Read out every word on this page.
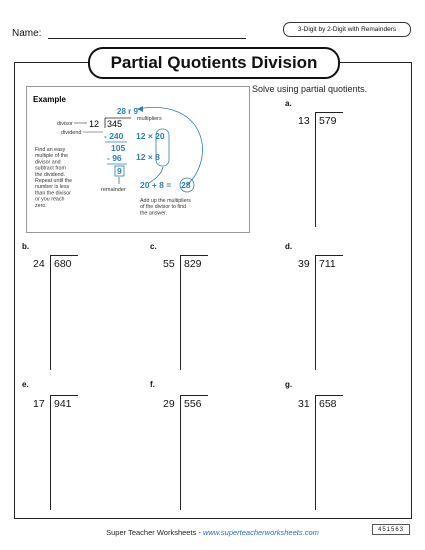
Name:	3-Digit by 2-Digit with Remainders
Partial Quotients Division
Example
divisor
dividend
28 r 9
12 345
- 240
105
- 96
9
remainder
multipliers
12 × 20
12 × 8
20 + 8 = 28
Find an easy
multiple of the
divisor and
subtract from
the dividend.
Repeat until the
number is less
than the divisor
or you reach
zero.
Add up the multipliers
of the divisor to find
the answer.
Solve using partial quotients.
a.
13 579
b.
24 680
c.
55 829
d.
39 711
e.
17 941
f.
29 556
g.
31 658
Super Teacher Worksheets - www.superteacherworksheets.com	451563
